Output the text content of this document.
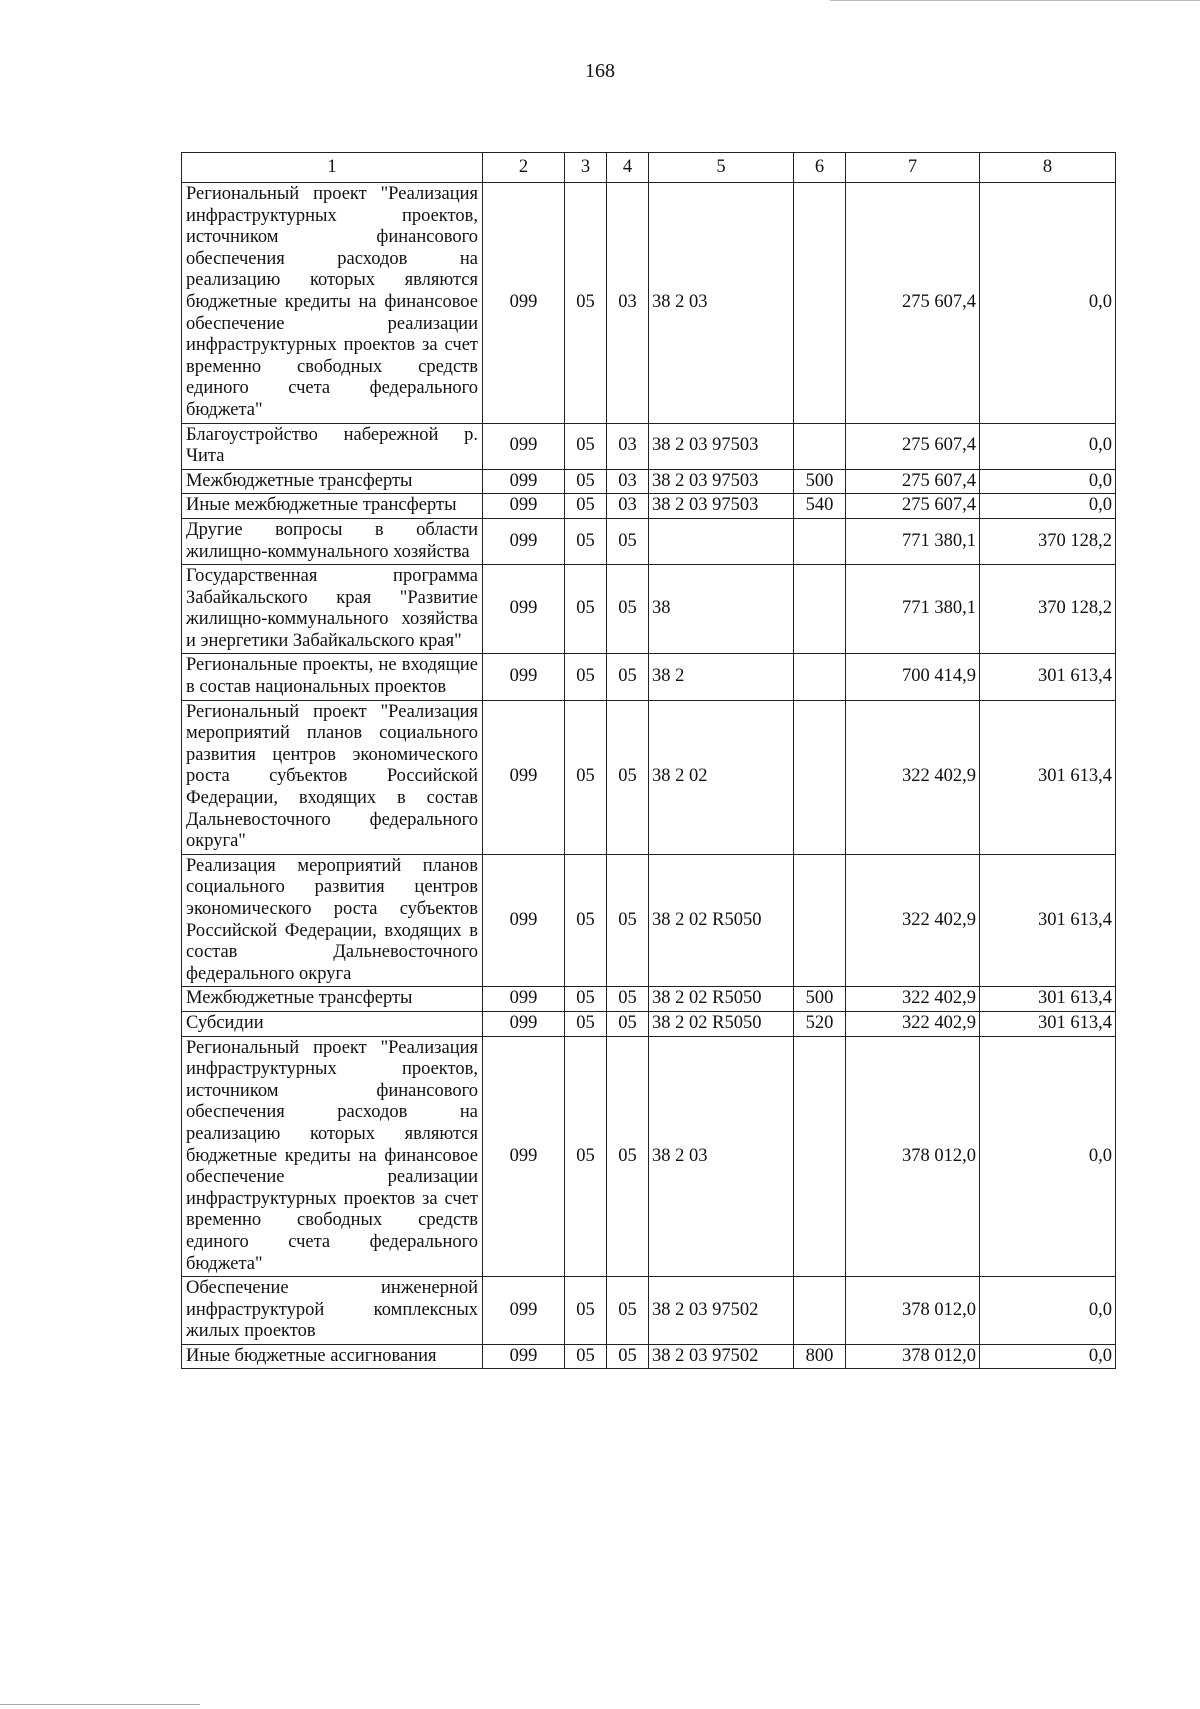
168
1	2	3	4	5	6	7	8
Региональный проект "Реализация инфраструктурных проектов, источником финансового обеспечения расходов на реализацию которых являются бюджетные кредиты на финансовое обеспечение реализации инфраструктурных проектов за счет временно свободных средств единого счета федерального бюджета"	099	05	03	38 2 03		275 607,4	0,0
Благоустройство набережной р. Чита	099	05	03	38 2 03 97503		275 607,4	0,0
Межбюджетные трансферты	099	05	03	38 2 03 97503	500	275 607,4	0,0
Иные межбюджетные трансферты	099	05	03	38 2 03 97503	540	275 607,4	0,0
Другие вопросы в области жилищно-коммунального хозяйства	099	05	05			771 380,1	370 128,2
Государственная программа Забайкальского края "Развитие жилищно-коммунального хозяйства и энергетики Забайкальского края"	099	05	05	38		771 380,1	370 128,2
Региональные проекты, не входящие в состав национальных проектов	099	05	05	38 2		700 414,9	301 613,4
Региональный проект "Реализация мероприятий планов социального развития центров экономического роста субъектов Российской Федерации, входящих в состав Дальневосточного федерального округа"	099	05	05	38 2 02		322 402,9	301 613,4
Реализация мероприятий планов социального развития центров экономического роста субъектов Российской Федерации, входящих в состав Дальневосточного федерального округа	099	05	05	38 2 02 R5050		322 402,9	301 613,4
Межбюджетные трансферты	099	05	05	38 2 02 R5050	500	322 402,9	301 613,4
Субсидии	099	05	05	38 2 02 R5050	520	322 402,9	301 613,4
Региональный проект "Реализация инфраструктурных проектов, источником финансового обеспечения расходов на реализацию которых являются бюджетные кредиты на финансовое обеспечение реализации инфраструктурных проектов за счет временно свободных средств единого счета федерального бюджета"	099	05	05	38 2 03		378 012,0	0,0
Обеспечение инженерной инфраструктурой комплексных жилых проектов	099	05	05	38 2 03 97502		378 012,0	0,0
Иные бюджетные ассигнования	099	05	05	38 2 03 97502	800	378 012,0	0,0
